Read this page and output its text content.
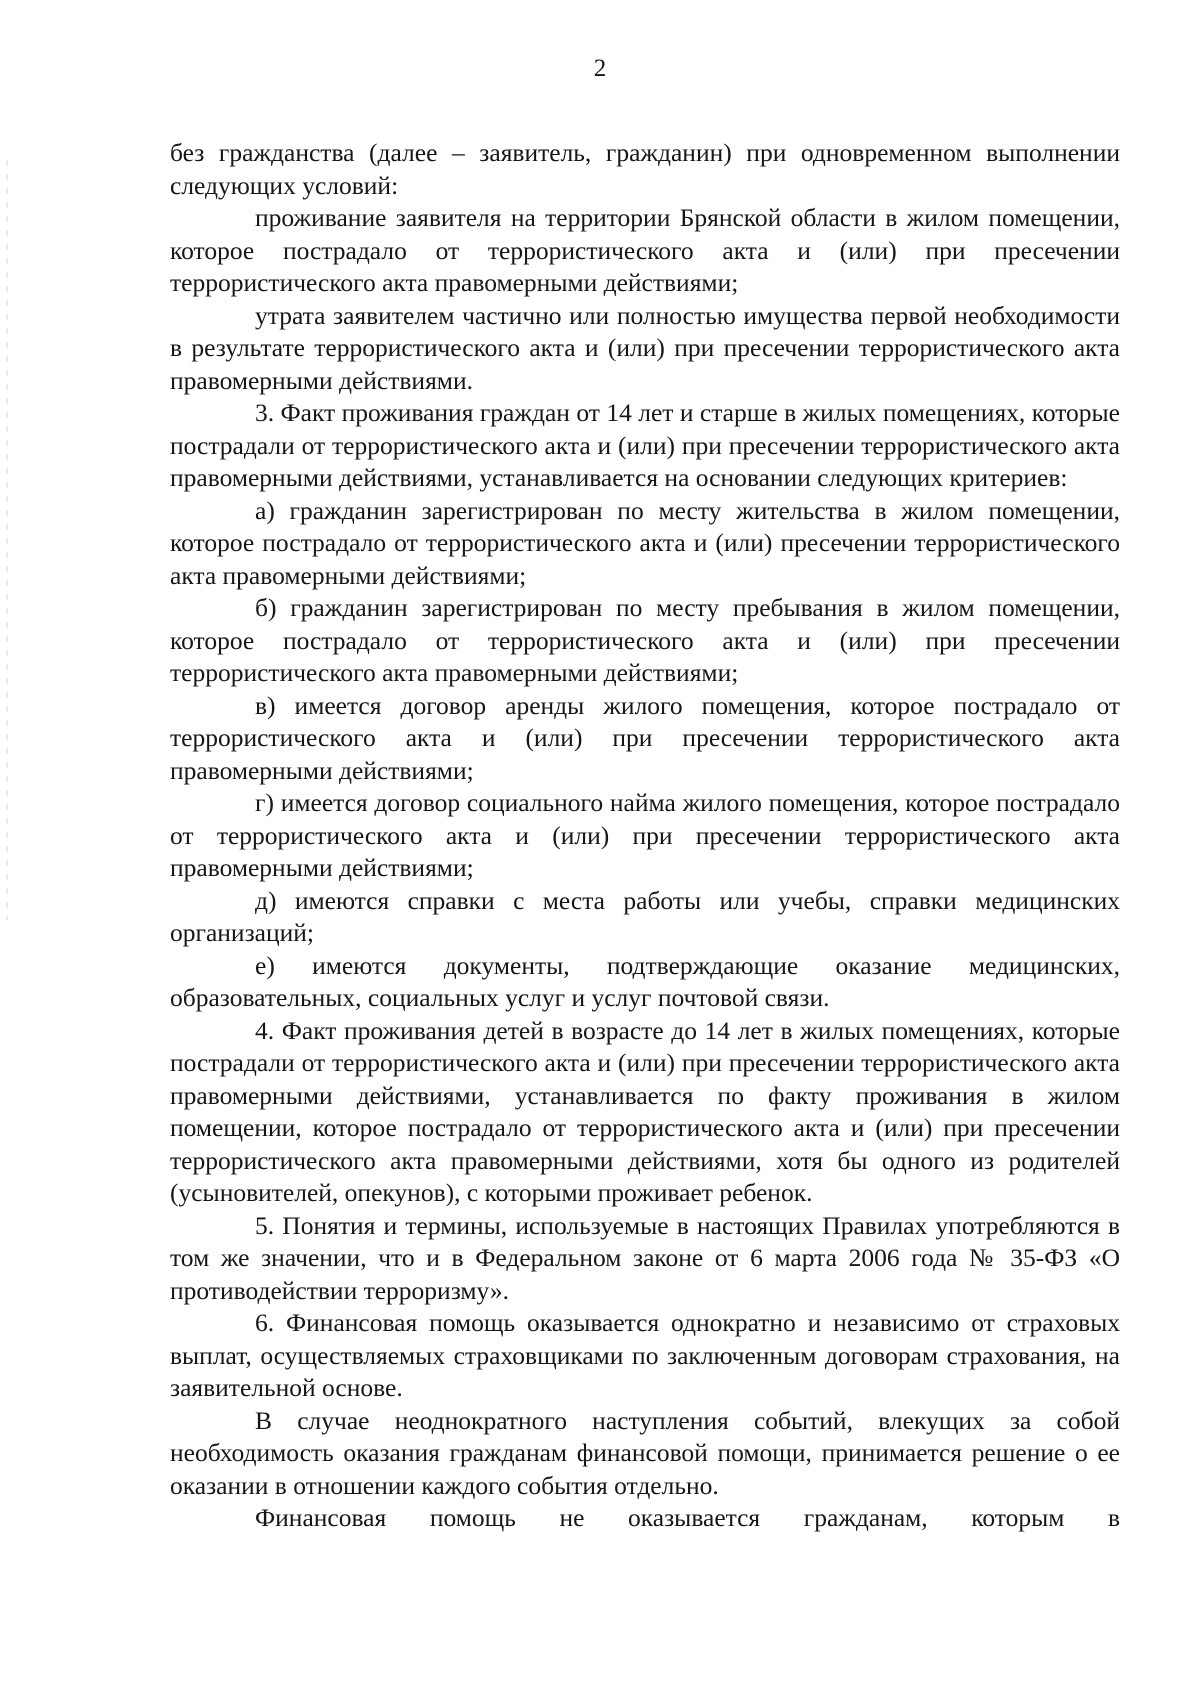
2

без гражданства (далее – заявитель, гражданин) при одновременном выполнении следующих условий:

проживание заявителя на территории Брянской области в жилом помещении, которое пострадало от террористического акта и (или) при пресечении террористического акта правомерными действиями;

утрата заявителем частично или полностью имущества первой необходимости в результате террористического акта и (или) при пресечении террористического акта правомерными действиями.

3. Факт проживания граждан от 14 лет и старше в жилых помещениях, которые пострадали от террористического акта и (или) при пресечении террористического акта правомерными действиями, устанавливается на основании следующих критериев:

а) гражданин зарегистрирован по месту жительства в жилом помещении, которое пострадало от террористического акта и (или) пресечении террористического акта правомерными действиями;

б) гражданин зарегистрирован по месту пребывания в жилом помещении, которое пострадало от террористического акта и (или) при пресечении террористического акта правомерными действиями;

в) имеется договор аренды жилого помещения, которое пострадало от террористического акта и (или) при пресечении террористического акта правомерными действиями;

г) имеется договор социального найма жилого помещения, которое пострадало от террористического акта и (или) при пресечении террористического акта правомерными действиями;

д) имеются справки с места работы или учебы, справки медицинских организаций;

е) имеются документы, подтверждающие оказание медицинских, образовательных, социальных услуг и услуг почтовой связи.

4. Факт проживания детей в возрасте до 14 лет в жилых помещениях, которые пострадали от террористического акта и (или) при пресечении террористического акта правомерными действиями, устанавливается по факту проживания в жилом помещении, которое пострадало от террористического акта и (или) при пресечении террористического акта правомерными действиями, хотя бы одного из родителей (усыновителей, опекунов), с которыми проживает ребенок.

5. Понятия и термины, используемые в настоящих Правилах употребляются в том же значении, что и в Федеральном законе от 6 марта 2006 года № 35-ФЗ «О противодействии терроризму».

6. Финансовая помощь оказывается однократно и независимо от страховых выплат, осуществляемых страховщиками по заключенным договорам страхования, на заявительной основе.

В случае неоднократного наступления событий, влекущих за собой необходимость оказания гражданам финансовой помощи, принимается решение о ее оказании в отношении каждого события отдельно.

Финансовая помощь не оказывается гражданам, которым в
